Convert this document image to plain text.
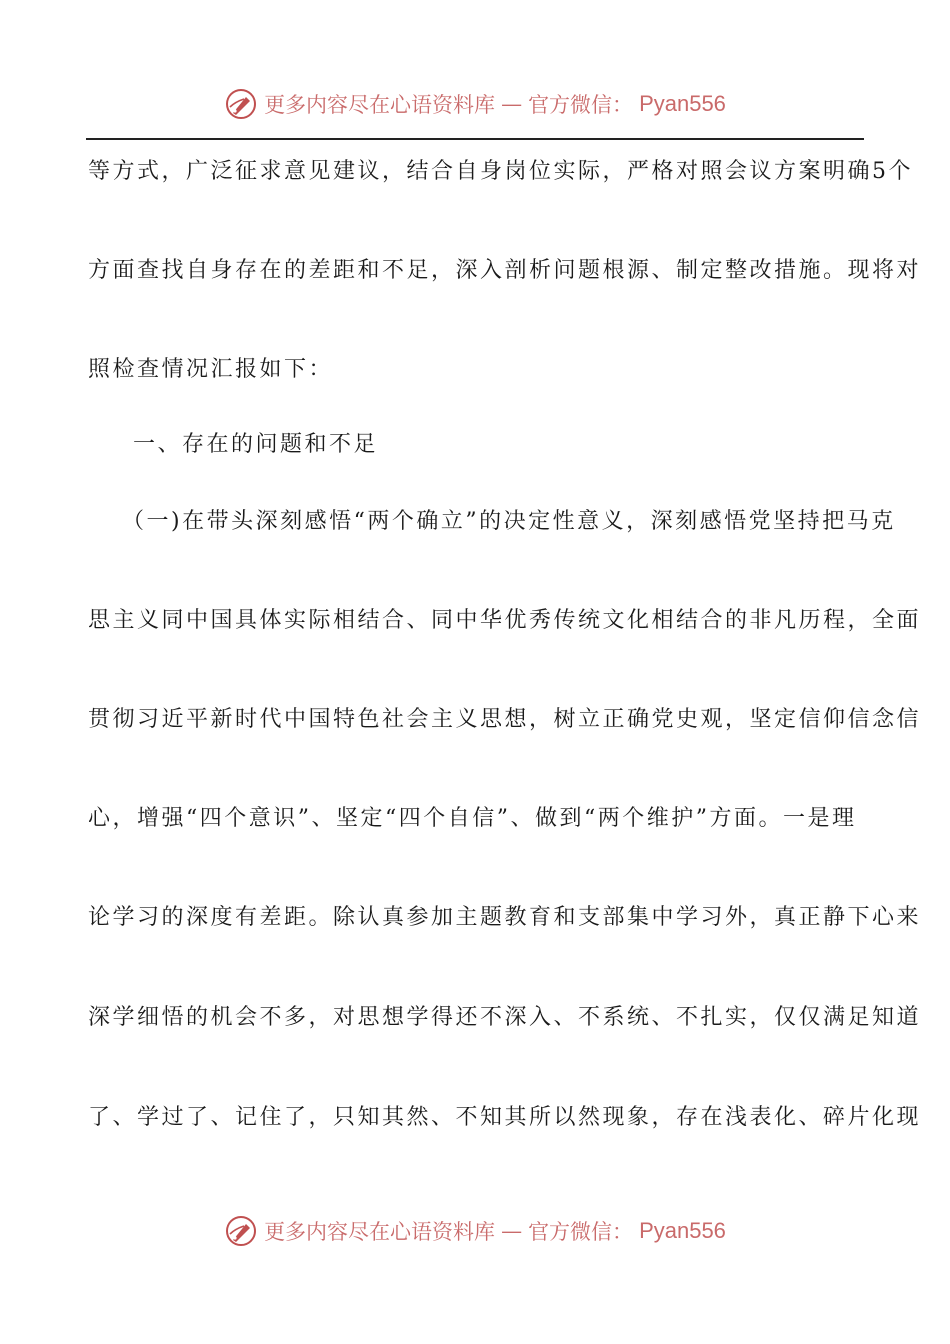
更多内容尽在心语资料库 — 官方微信： Pyan556
等方式，广泛征求意见建议，结合自身岗位实际，严格对照会议方案明确5个
方面查找自身存在的差距和不足，深入剖析问题根源、制定整改措施。现将对
照检查情况汇报如下：
一、存在的问题和不足
（一)在带头深刻感悟“两个确立”的决定性意义，深刻感悟党坚持把马克
思主义同中国具体实际相结合、同中华优秀传统文化相结合的非凡历程，全面
贯彻习近平新时代中国特色社会主义思想，树立正确党史观，坚定信仰信念信
心，增强“四个意识”、坚定“四个自信”、做到“两个维护”方面。一是理
论学习的深度有差距。除认真参加主题教育和支部集中学习外，真正静下心来
深学细悟的机会不多，对思想学得还不深入、不系统、不扎实，仅仅满足知道
了、学过了、记住了，只知其然、不知其所以然现象，存在浅表化、碎片化现
更多内容尽在心语资料库 — 官方微信： Pyan556
